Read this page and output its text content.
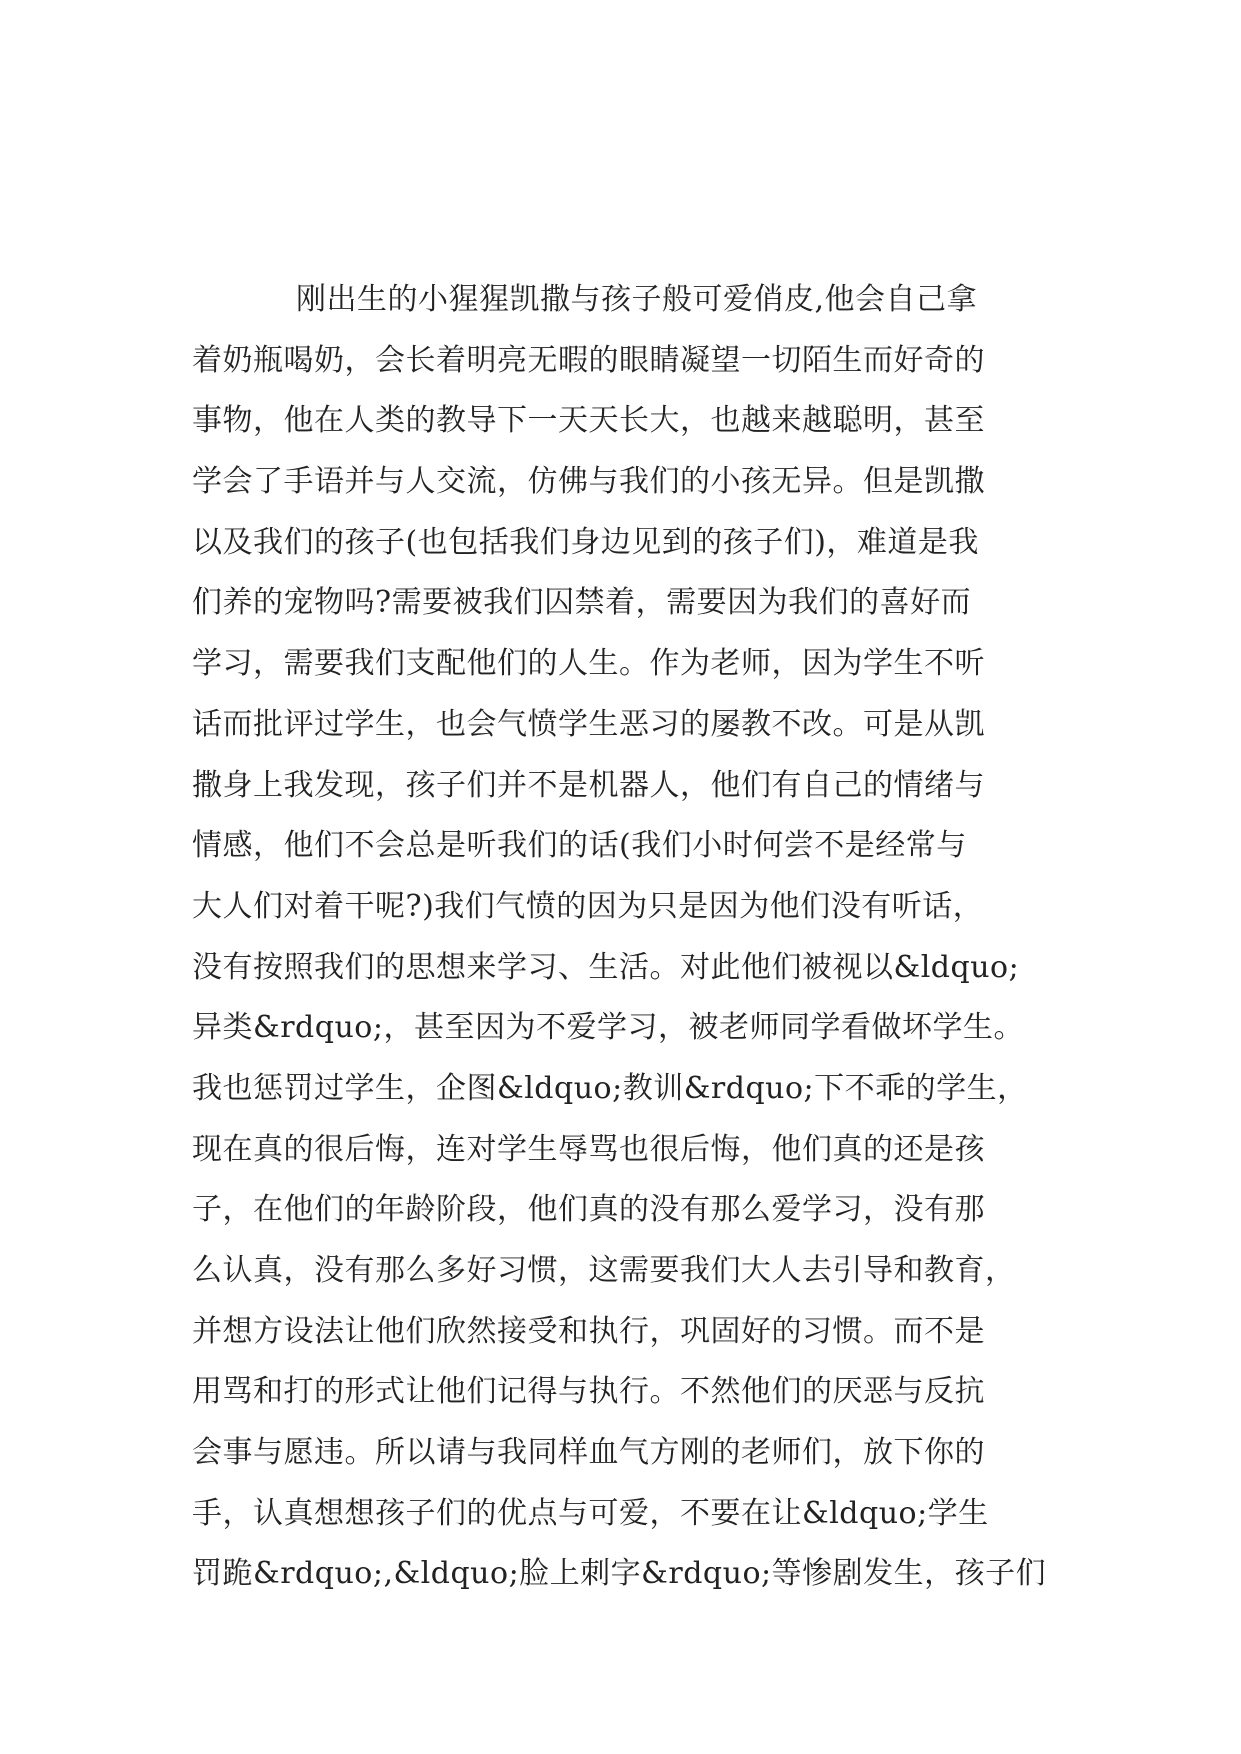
刚出生的小猩猩凯撒与孩子般可爱俏皮,他会自己拿
着奶瓶喝奶，会长着明亮无暇的眼睛凝望一切陌生而好奇的
事物，他在人类的教导下一天天长大，也越来越聪明，甚至
学会了手语并与人交流，仿佛与我们的小孩无异。但是凯撒
以及我们的孩子(也包括我们身边见到的孩子们)，难道是我
们养的宠物吗?需要被我们囚禁着，需要因为我们的喜好而
学习，需要我们支配他们的人生。作为老师，因为学生不听
话而批评过学生，也会气愤学生恶习的屡教不改。可是从凯
撒身上我发现，孩子们并不是机器人，他们有自己的情绪与
情感，他们不会总是听我们的话(我们小时何尝不是经常与
大人们对着干呢?)我们气愤的因为只是因为他们没有听话，
没有按照我们的思想来学习、生活。对此他们被视以&ldquo;
异类&rdquo;，甚至因为不爱学习，被老师同学看做坏学生。
我也惩罚过学生，企图&ldquo;教训&rdquo;下不乖的学生，
现在真的很后悔，连对学生辱骂也很后悔，他们真的还是孩
子，在他们的年龄阶段，他们真的没有那么爱学习，没有那
么认真，没有那么多好习惯，这需要我们大人去引导和教育，
并想方设法让他们欣然接受和执行，巩固好的习惯。而不是
用骂和打的形式让他们记得与执行。不然他们的厌恶与反抗
会事与愿违。所以请与我同样血气方刚的老师们，放下你的
手，认真想想孩子们的优点与可爱，不要在让&ldquo;学生
罚跪&rdquo;,&ldquo;脸上刺字&rdquo;等惨剧发生，孩子们
